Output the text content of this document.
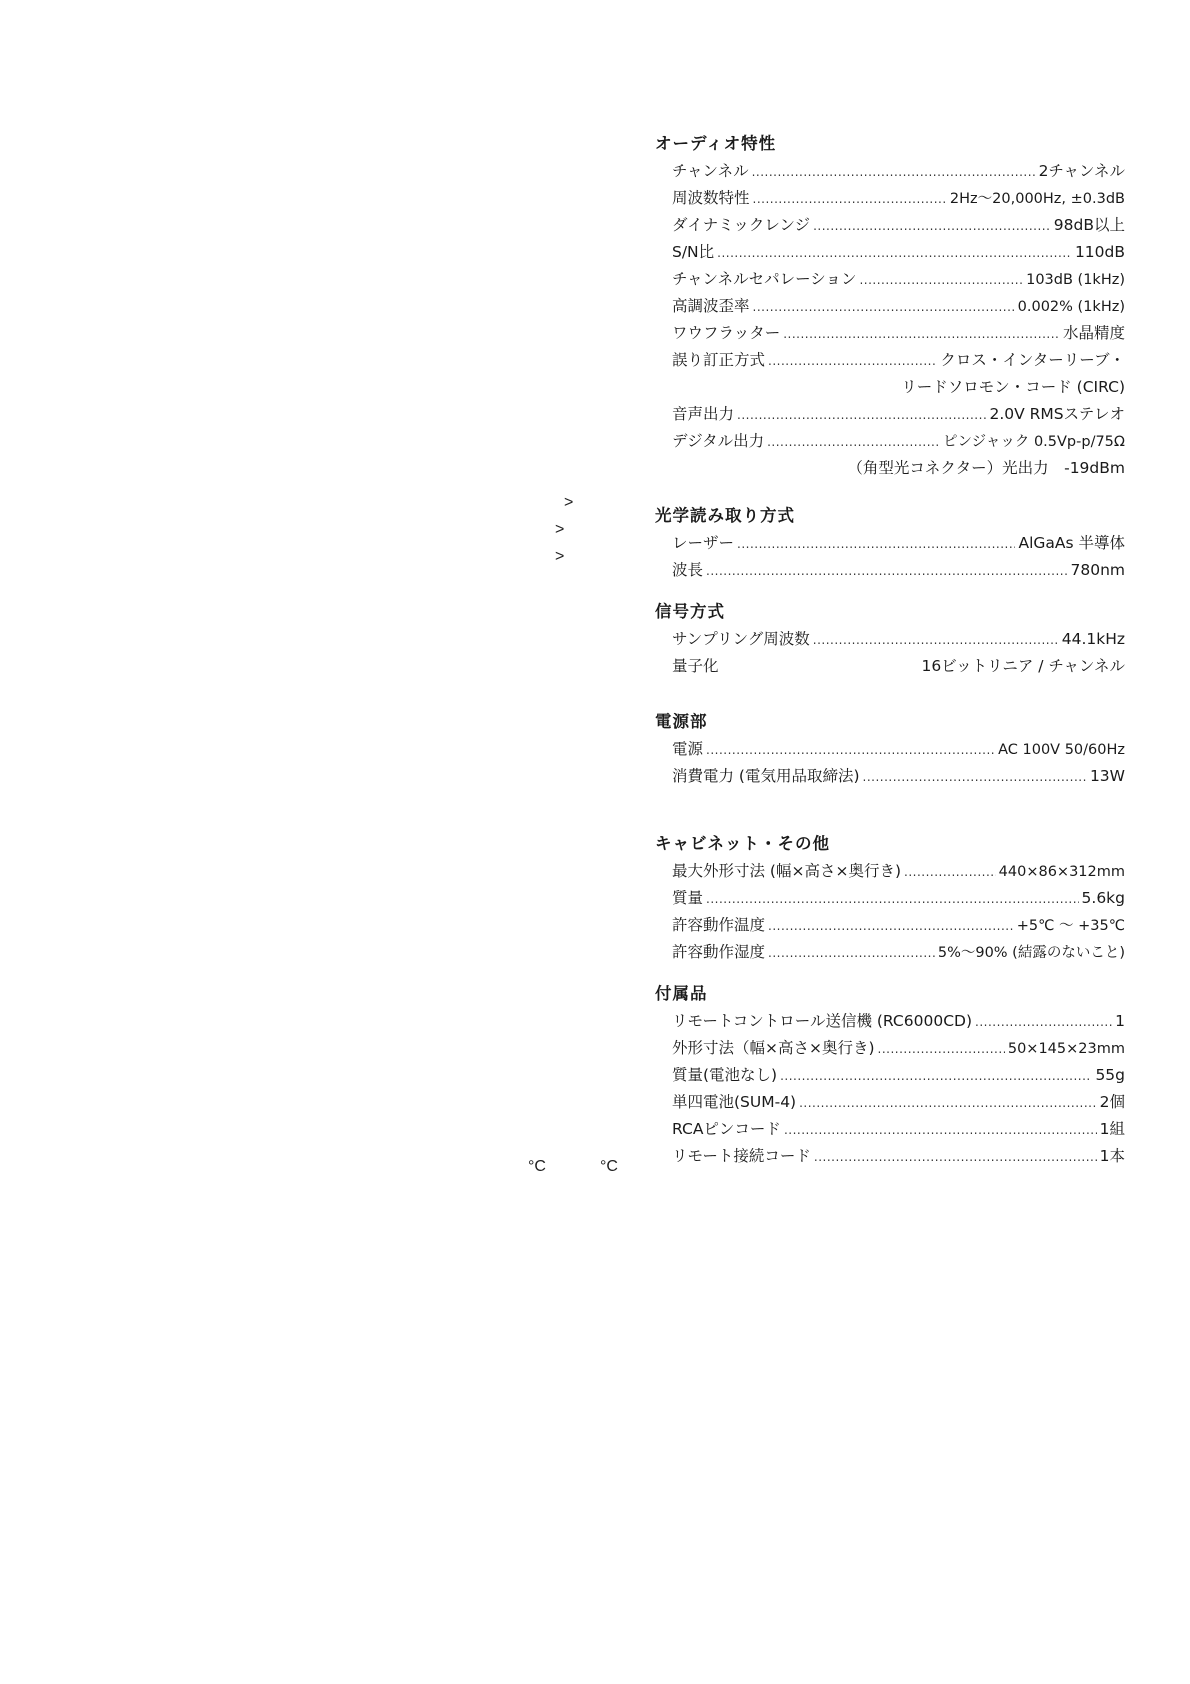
>
>
>
°C	°C
オーディオ特性
チャンネル .....	2チャンネル
周波数特性 .....	2Hz〜20,000Hz, ±0.3dB
ダイナミックレンジ .....	98dB以上
S/N比 .....	110dB
チャンネルセパレーション .....	103dB (1kHz)
高調波歪率 .....	0.002% (1kHz)
ワウフラッター .....	水晶精度
誤り訂正方式 .....	クロス・インターリーブ・
リードソロモン・コード (CIRC)
音声出力 .....	2.0V RMSステレオ
デジタル出力 .....	ピンジャック 0.5Vp-p/75Ω
（角型光コネクター）光出力　-19dBm
光学読み取り方式
レーザー .....	AlGaAs 半導体
波長 .....	780nm
信号方式
サンプリング周波数 .....	44.1kHz
量子化	16ビットリニア / チャンネル
電源部
電源 .....	AC 100V 50/60Hz
消費電力 (電気用品取締法) .....	13W
キャビネット・その他
最大外形寸法 (幅×高さ×奥行き) .....	440×86×312mm
質量 .....	5.6kg
許容動作温度 .....	+5℃ 〜 +35℃
許容動作湿度 .....	5%〜90% (結露のないこと)
付属品
リモートコントロール送信機 (RC6000CD) .....	1
外形寸法（幅×高さ×奥行き) .....	50×145×23mm
質量(電池なし) .....	55g
単四電池(SUM-4) .....	2個
RCAピンコード .....	1組
リモート接続コード .....	1本
